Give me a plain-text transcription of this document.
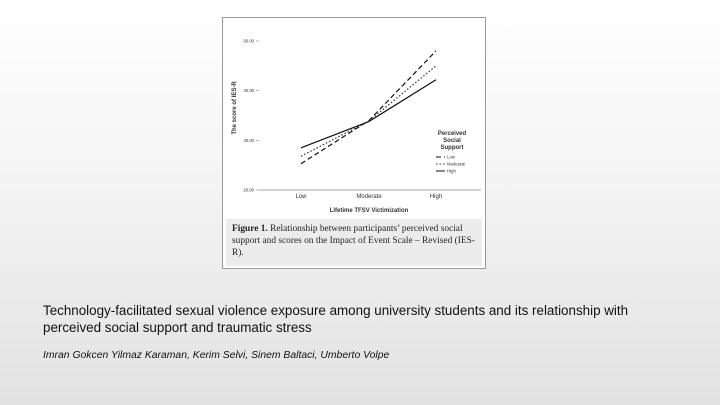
20.00
30.00
40.00
50.00
Low	Moderate	High
The score of IES-R
Lifetime TFSV Victimization
Perceived
Social
Support
Low
Moderate
High
Figure 1. Relationship between participants’ perceived social support and scores on the Impact of Event Scale – Revised (IES-R).
Technology-facilitated sexual violence exposure among university students and its relationship with perceived social support and traumatic stress
Imran Gokcen Yilmaz Karaman, Kerim Selvi, Sinem Baltaci, Umberto Volpe
